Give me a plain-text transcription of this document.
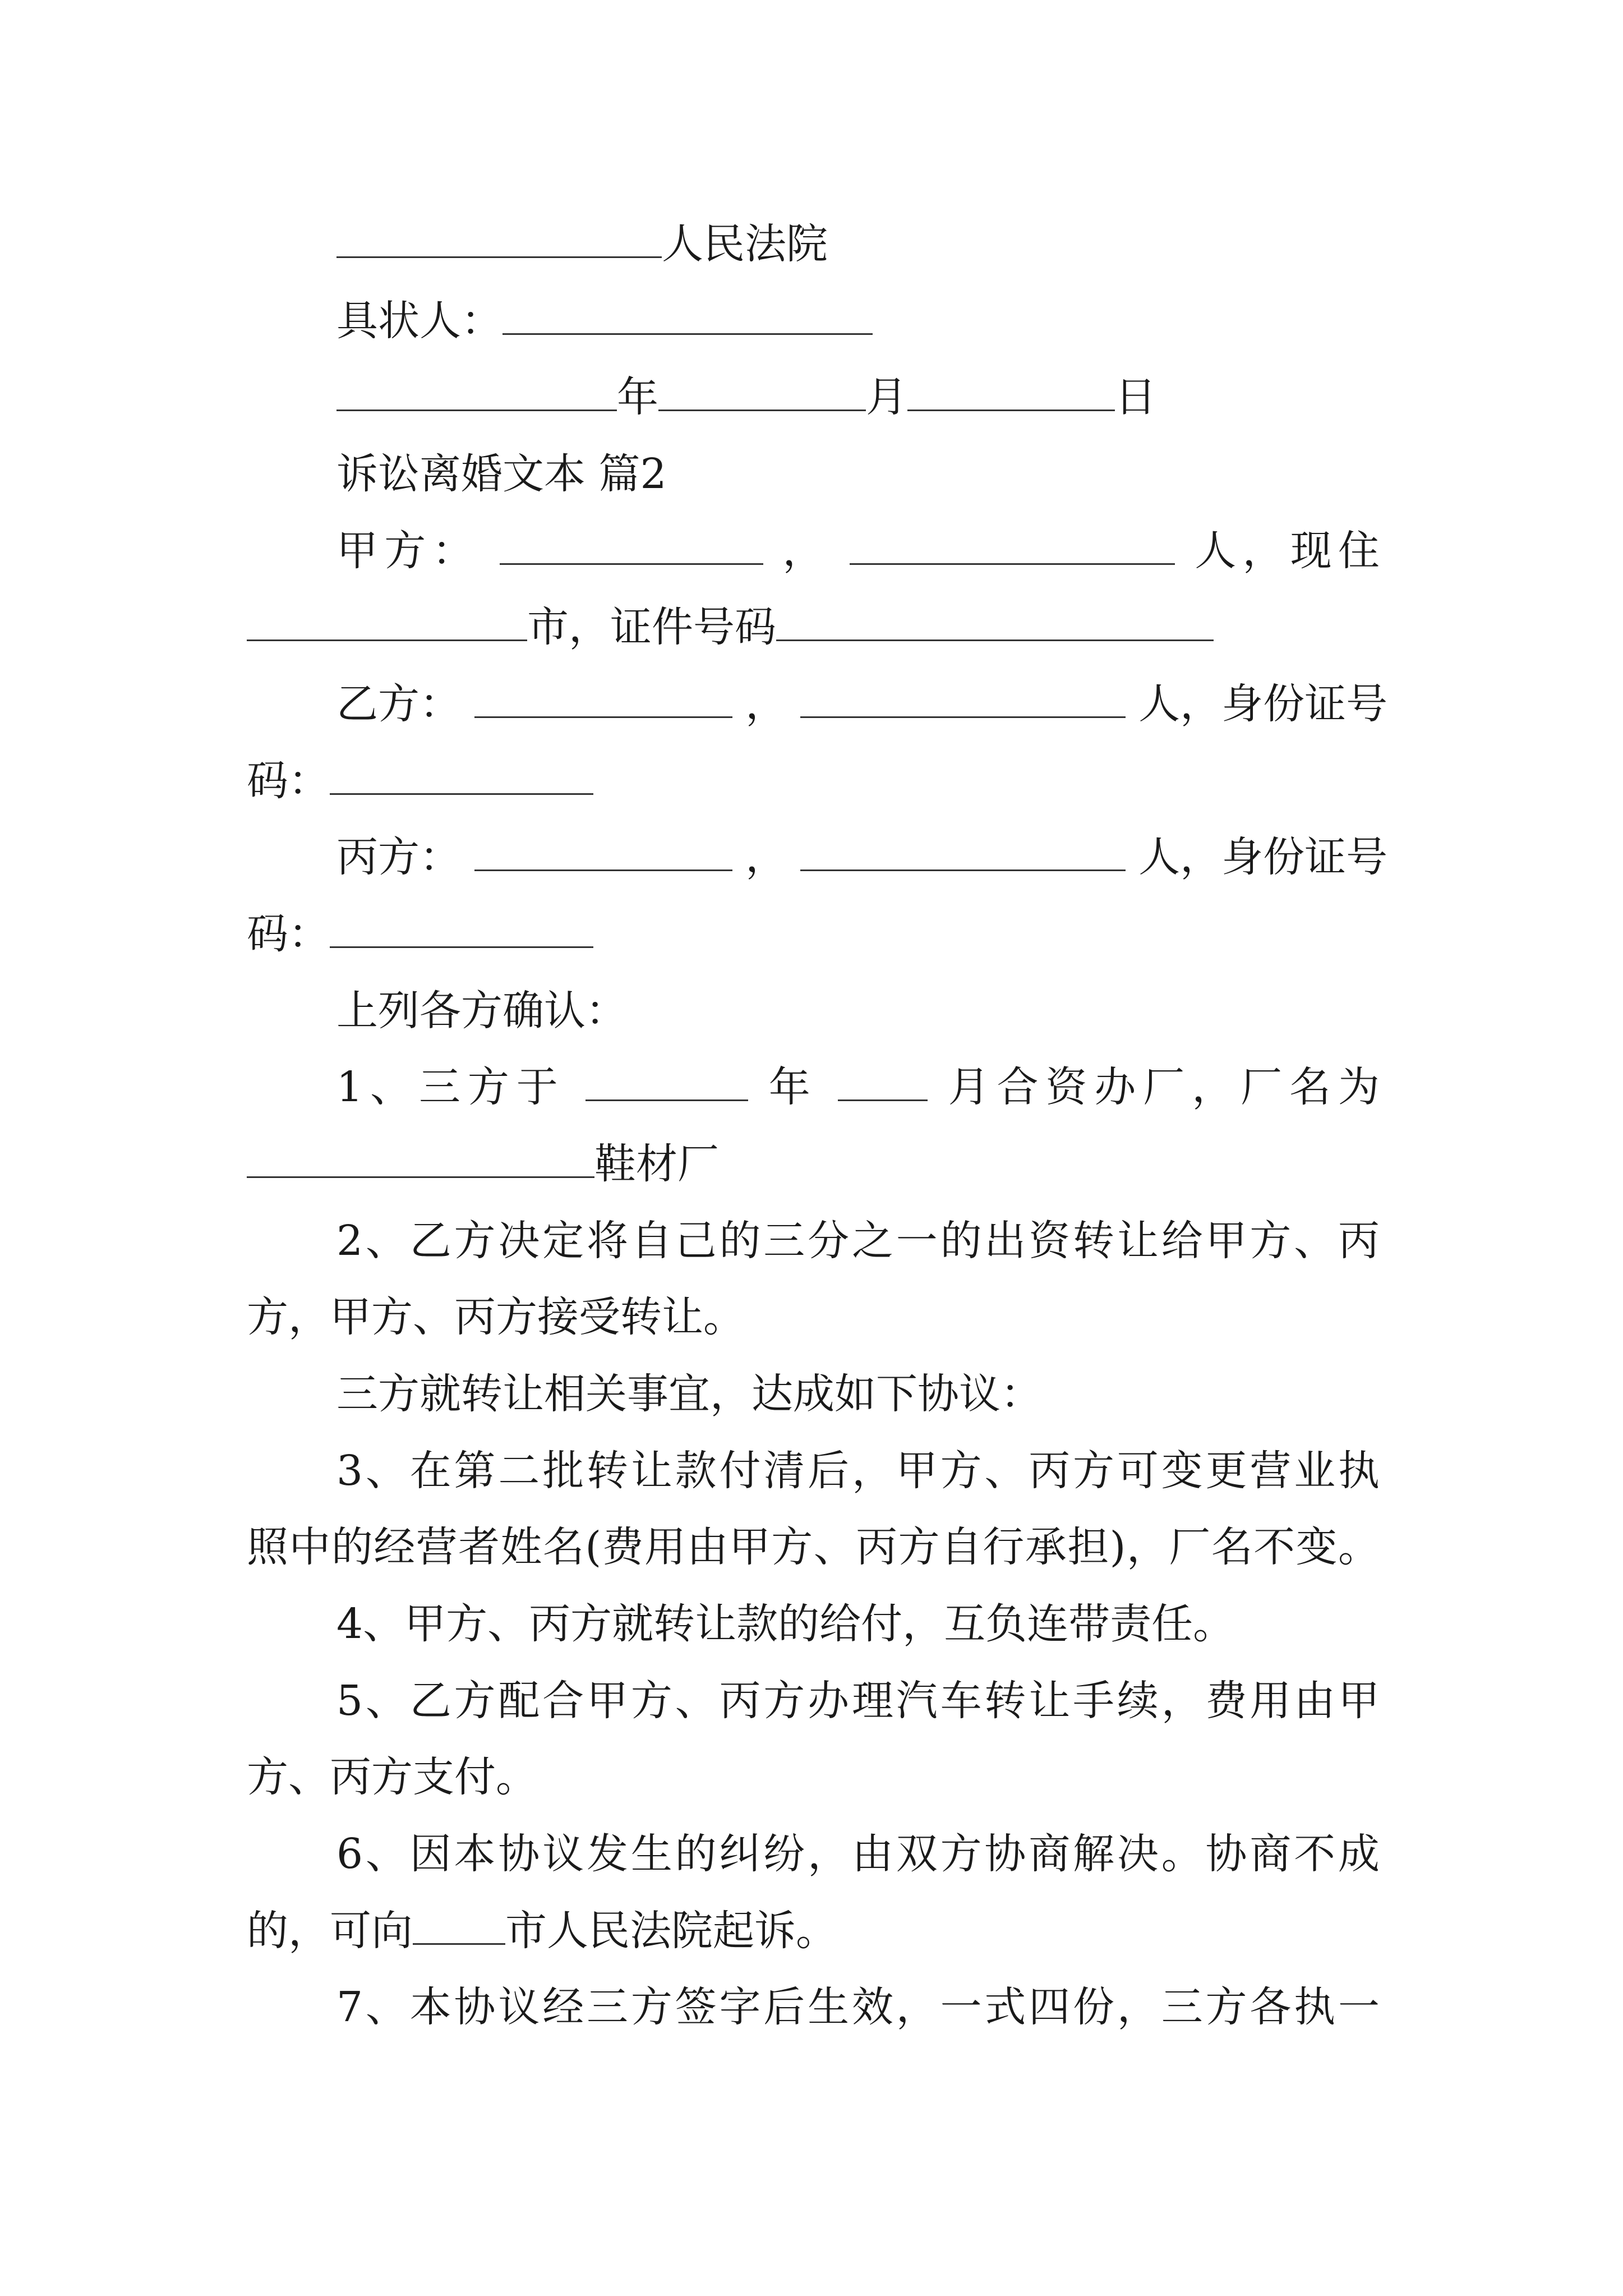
人民法院
具状人：
年	月	日
诉讼离婚文本 篇2
甲方：	，	人，现住
市，证件号码
乙方：	，	人，身份证号
码：
丙方：	，	人，身份证号
码：
上列各方确认：
1、三方于	年	月合资办厂，厂名为
鞋材厂
2、乙方决定将自己的三分之一的出资转让给甲方、丙
方，甲方、丙方接受转让。
三方就转让相关事宜，达成如下协议：
3、在第二批转让款付清后，甲方、丙方可变更营业执
照中的经营者姓名(费用由甲方、丙方自行承担)，厂名不变。
4、甲方、丙方就转让款的给付，互负连带责任。
5、乙方配合甲方、丙方办理汽车转让手续，费用由甲
方、丙方支付。
6、因本协议发生的纠纷，由双方协商解决。协商不成
的，可向 市人民法院起诉。
7、本协议经三方签字后生效，一式四份，三方各执一
